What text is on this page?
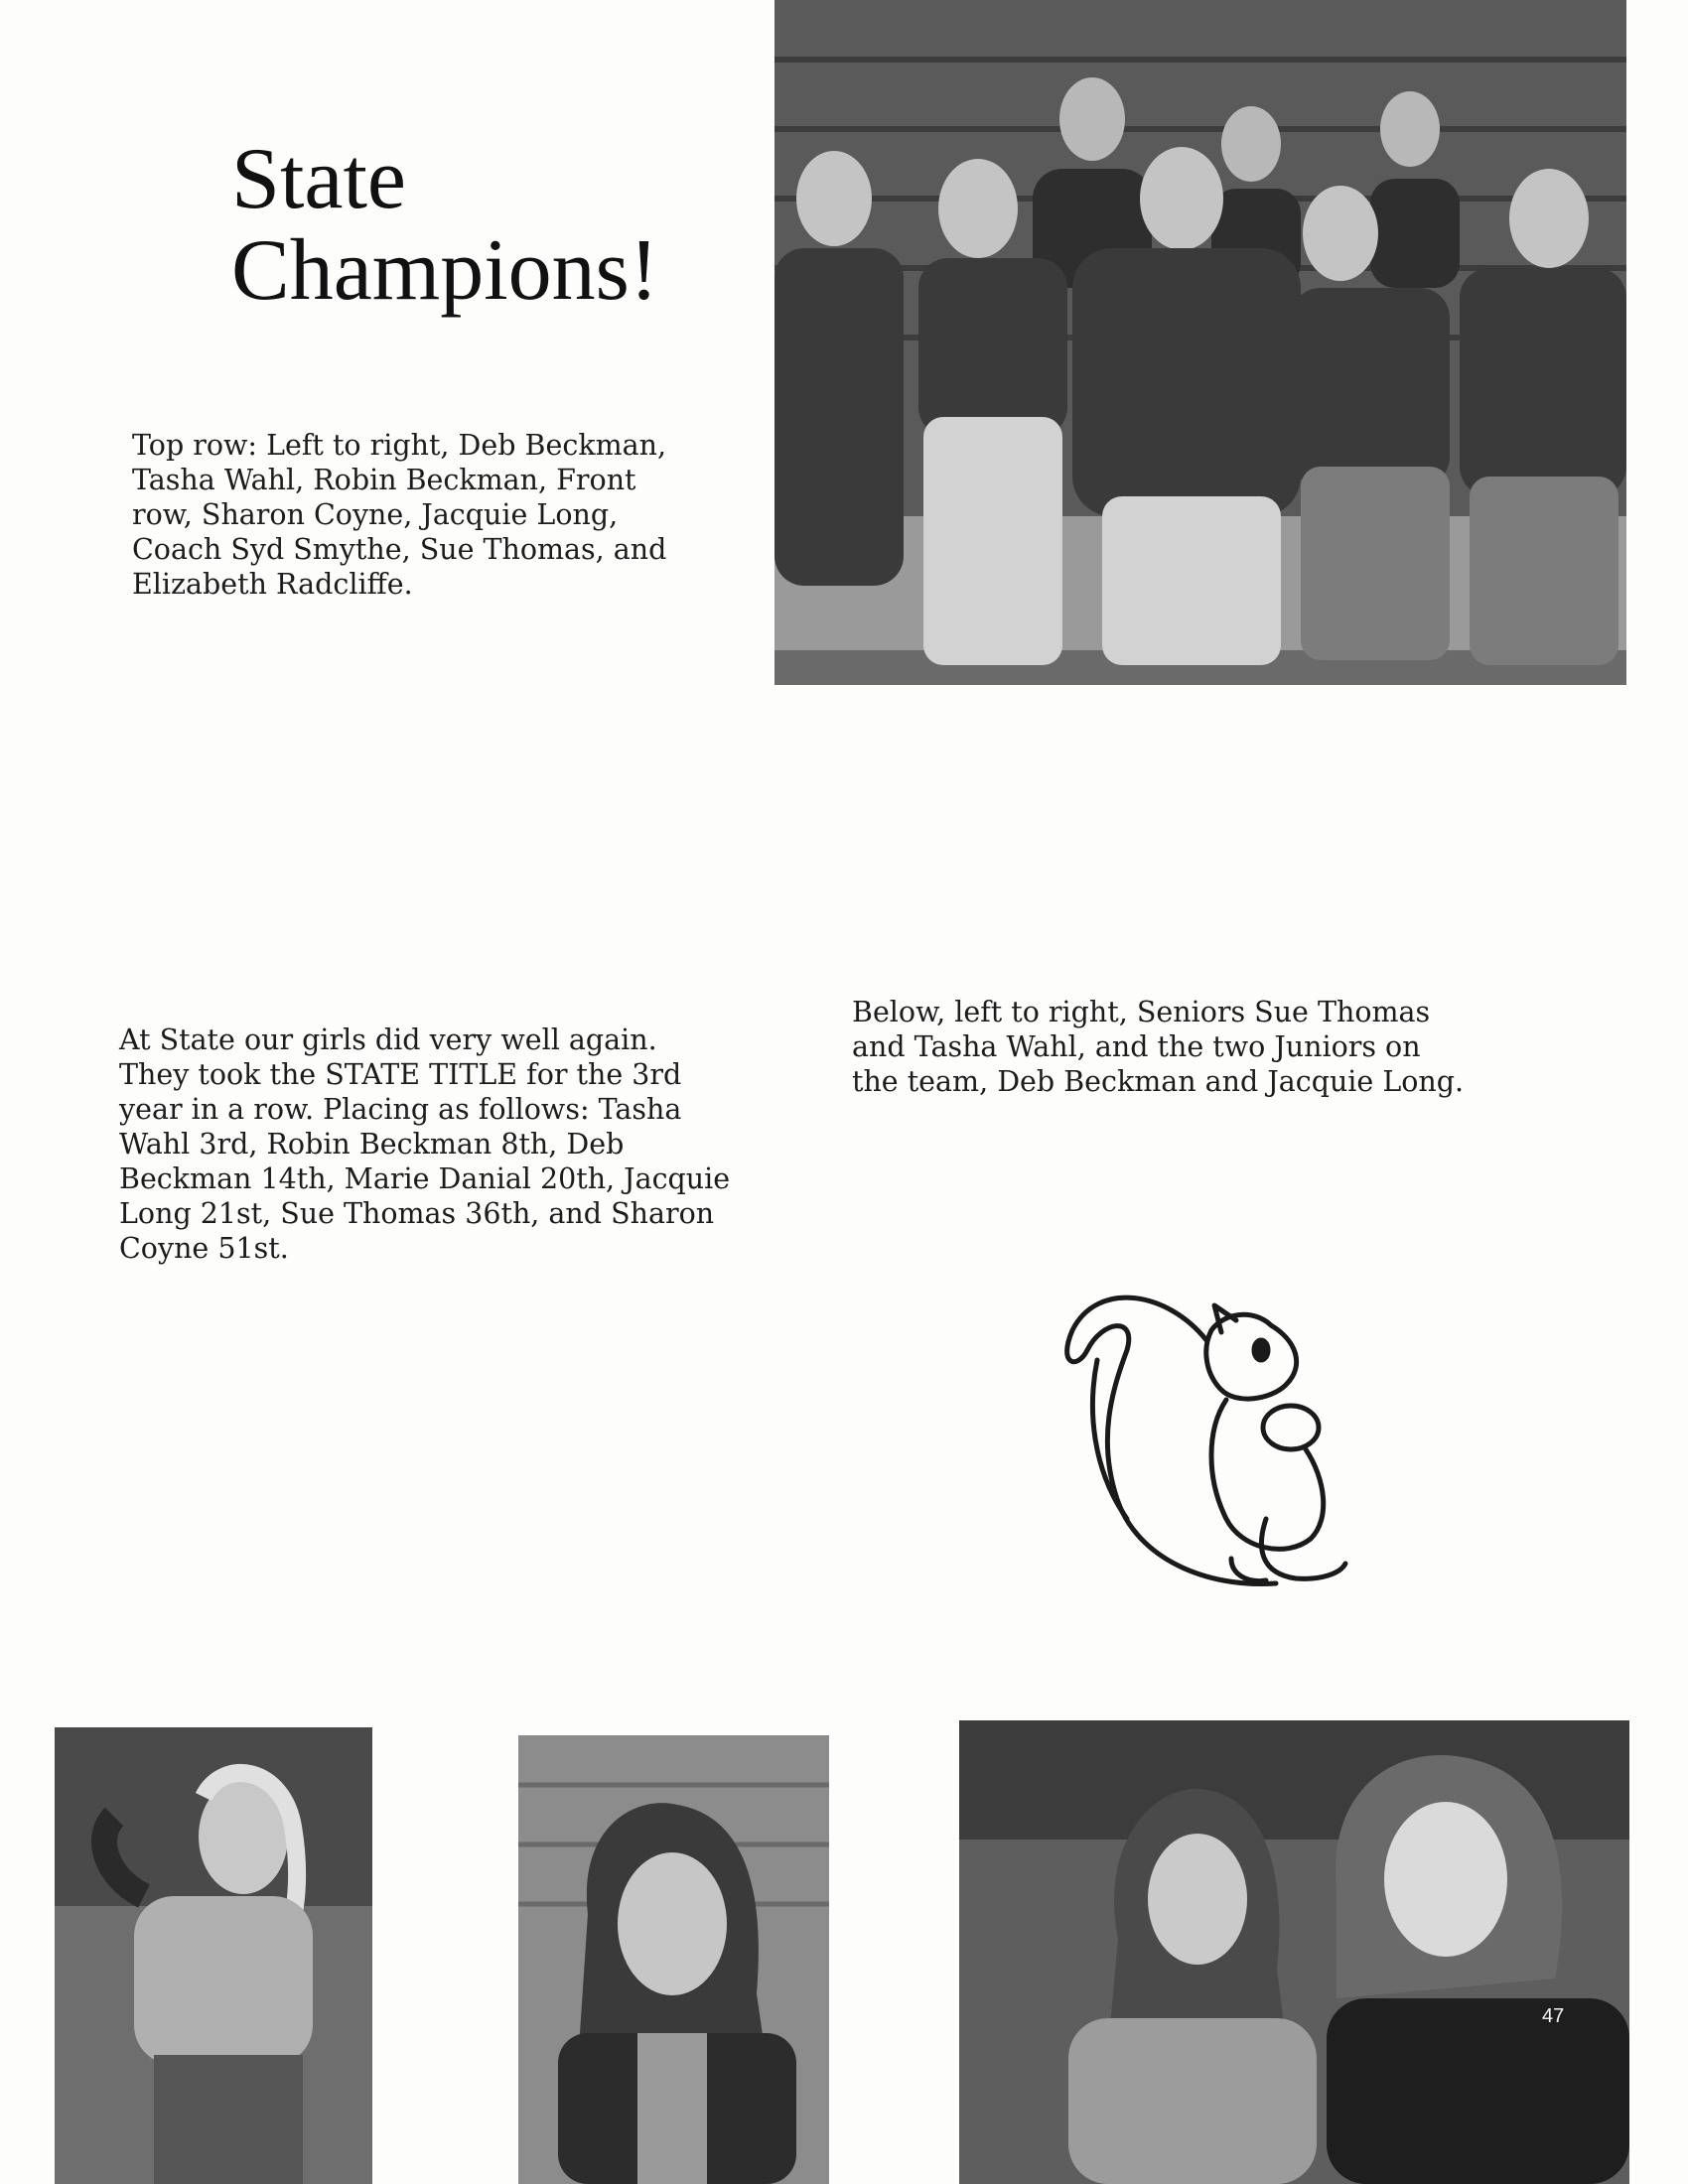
State
Champions!

Top row: Left to right, Deb Beckman,
Tasha Wahl, Robin Beckman, Front
row, Sharon Coyne, Jacquie Long,
Coach Syd Smythe, Sue Thomas, and
Elizabeth Radcliffe.

At State our girls did very well again.
They took the STATE TITLE for the 3rd
year in a row. Placing as follows: Tasha
Wahl 3rd, Robin Beckman 8th, Deb
Beckman 14th, Marie Danial 20th, Jacquie
Long 21st, Sue Thomas 36th, and Sharon
Coyne 51st.

Below, left to right, Seniors Sue Thomas
and Tasha Wahl, and the two Juniors on
the team, Deb Beckman and Jacquie Long.

47
